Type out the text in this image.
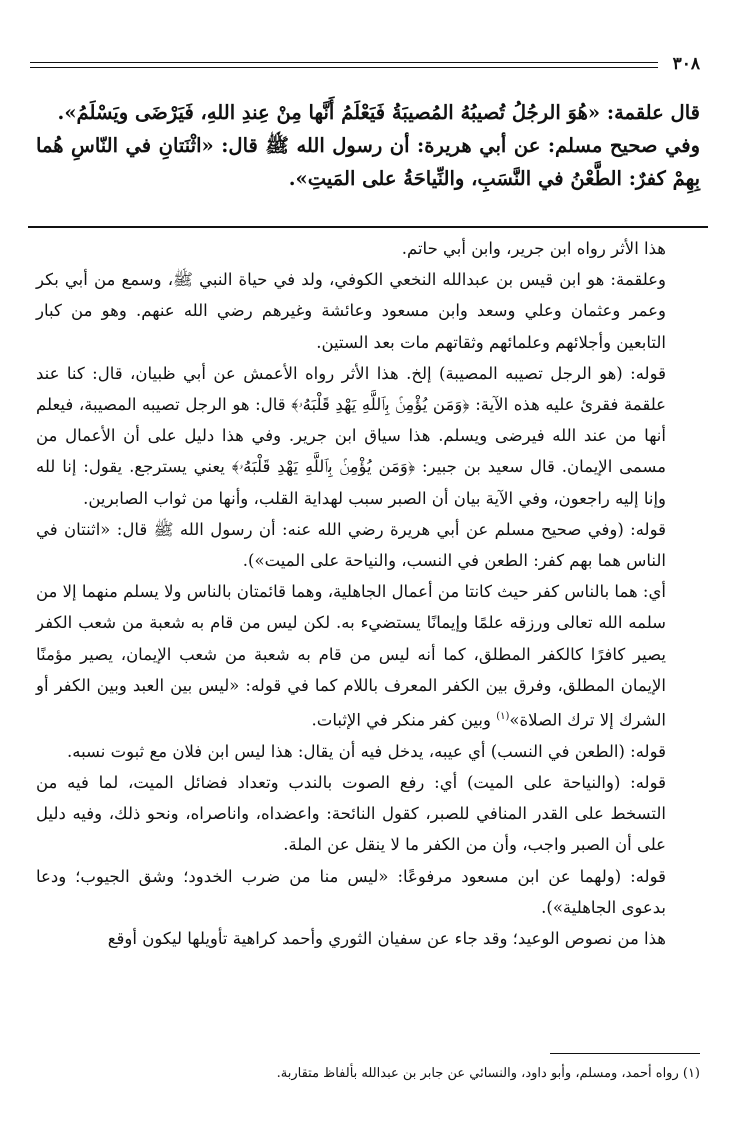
٣٠٨

قال علقمة: «هُوَ الرجُلُ تُصيبُهُ المُصيبَةُ فَيَعْلَمُ أَنَّها مِنْ عِندِ اللهِ، فَيَرْضَى ويَسْلَمُ».

وفي صحيح مسلم: عن أبي هريرة: أن رسول الله ﷺ قال: «اثْنَتانِ في النّاسِ هُما بِهِمْ كفرٌ: الطَّعْنُ في النَّسَبِ، والنِّياحَةُ على المَيتِ».

هذا الأثر رواه ابن جرير، وابن أبي حاتم.

وعلقمة: هو ابن قيس بن عبدالله النخعي الكوفي، ولد في حياة النبي ﷺ، وسمع من أبي بكر وعمر وعثمان وعلي وسعد وابن مسعود وعائشة وغيرهم رضي الله عنهم. وهو من كبار التابعين وأجلائهم وعلمائهم وثقاتهم مات بعد الستين.

قوله: (هو الرجل تصيبه المصيبة) إلخ. هذا الأثر رواه الأعمش عن أبي ظبيان، قال: كنا عند علقمة فقرئ عليه هذه الآية: ﴿وَمَن يُؤْمِنۢ بِٱللَّهِ يَهْدِ قَلْبَهُۥ﴾ قال: هو الرجل تصيبه المصيبة، فيعلم أنها من عند الله فيرضى ويسلم. هذا سياق ابن جرير. وفي هذا دليل على أن الأعمال من مسمى الإيمان. قال سعيد بن جبير: ﴿وَمَن يُؤْمِنۢ بِٱللَّهِ يَهْدِ قَلْبَهُۥ﴾ يعني يسترجع. يقول: إنا لله وإنا إليه راجعون، وفي الآية بيان أن الصبر سبب لهداية القلب، وأنها من ثواب الصابرين.

قوله: (وفي صحيح مسلم عن أبي هريرة رضي الله عنه: أن رسول الله ﷺ قال: «اثنتان في الناس هما بهم كفر: الطعن في النسب، والنياحة على الميت»).

أي: هما بالناس كفر حيث كانتا من أعمال الجاهلية، وهما قائمتان بالناس ولا يسلم منهما إلا من سلمه الله تعالى ورزقه علمًا وإيمانًا يستضيء به. لكن ليس من قام به شعبة من شعب الكفر يصير كافرًا كالكفر المطلق، كما أنه ليس من قام به شعبة من شعب الإيمان، يصير مؤمنًا الإيمان المطلق، وفرق بين الكفر المعرف باللام كما في قوله: «ليس بين العبد وبين الكفر أو الشرك إلا ترك الصلاة»$^{(١)}$ وبين كفر منكر في الإثبات.

قوله: (الطعن في النسب) أي عيبه، يدخل فيه أن يقال: هذا ليس ابن فلان مع ثبوت نسبه.

قوله: (والنياحة على الميت) أي: رفع الصوت بالندب وتعداد فضائل الميت، لما فيه من التسخط على القدر المنافي للصبر، كقول النائحة: واعضداه، واناصراه، ونحو ذلك، وفيه دليل على أن الصبر واجب، وأن من الكفر ما لا ينقل عن الملة.

قوله: (ولهما عن ابن مسعود مرفوعًا: «ليس منا من ضرب الخدود؛ وشق الجيوب؛ ودعا بدعوى الجاهلية»).

هذا من نصوص الوعيد؛ وقد جاء عن سفيان الثوري وأحمد كراهية تأويلها ليكون أوقع

(١) رواه أحمد، ومسلم، وأبو داود، والنسائي عن جابر بن عبدالله بألفاظ متقاربة.
